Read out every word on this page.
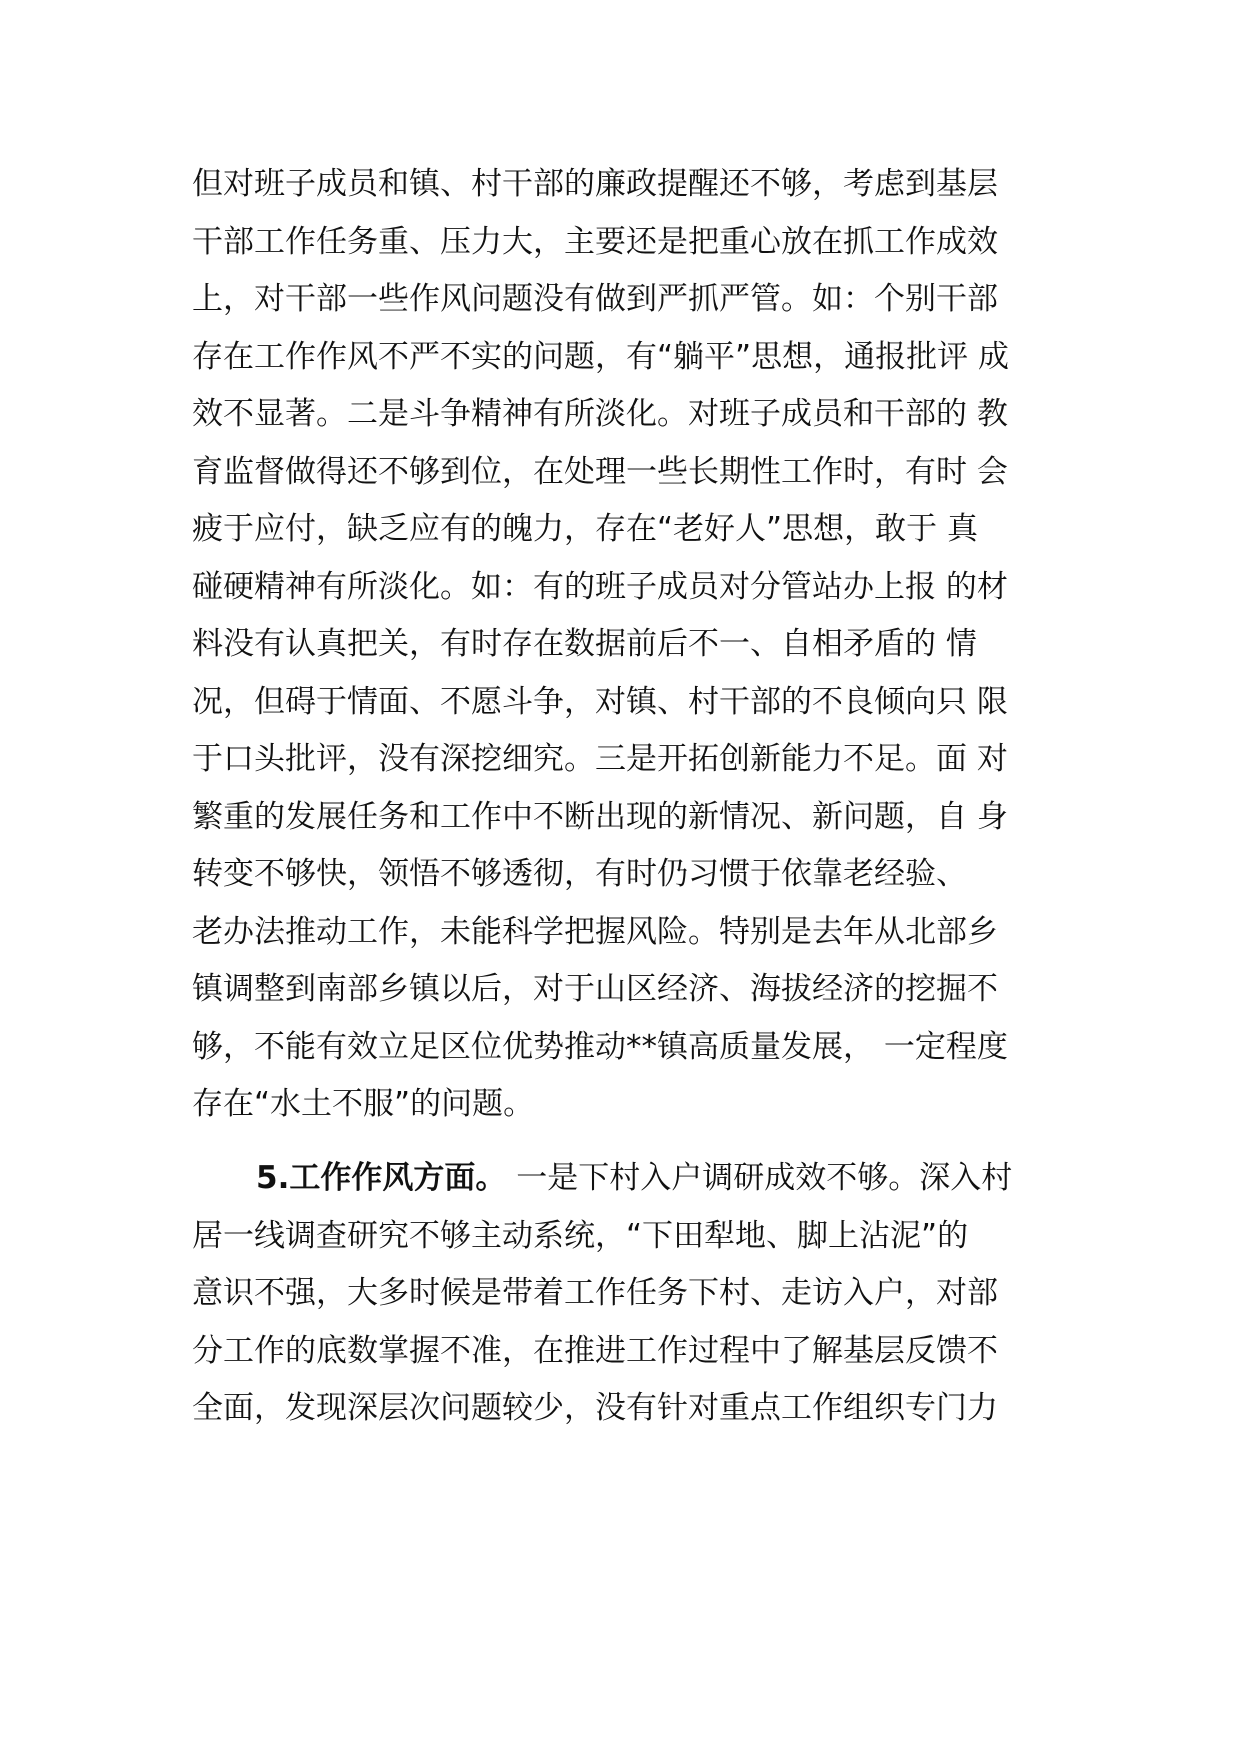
但对班子成员和镇、村干部的廉政提醒还不够，考虑到基层
干部工作任务重、压力大，主要还是把重心放在抓工作成效
上，对干部一些作风问题没有做到严抓严管。如：个别干部
存在工作作风不严不实的问题，有“躺平”思想，通报批评 成
效不显著。二是斗争精神有所淡化。对班子成员和干部的 教
育监督做得还不够到位，在处理一些长期性工作时，有时 会
疲于应付，缺乏应有的魄力，存在“老好人”思想，敢于 真
碰硬精神有所淡化。如：有的班子成员对分管站办上报 的材
料没有认真把关，有时存在数据前后不一、自相矛盾的 情
况，但碍于情面、不愿斗争，对镇、村干部的不良倾向只 限
于口头批评，没有深挖细究。三是开拓创新能力不足。面 对
繁重的发展任务和工作中不断出现的新情况、新问题，自 身
转变不够快，领悟不够透彻，有时仍习惯于依靠老经验、
老办法推动工作，未能科学把握风险。特别是去年从北部乡
镇调整到南部乡镇以后，对于山区经济、海拔经济的挖掘不
够，不能有效立足区位优势推动**镇高质量发展， 一定程度
存在“水土不服”的问题。
5.工作作风方面。 一是下村入户调研成效不够。深入村
居一线调查研究不够主动系统，“下田犁地、脚上沾泥”的
意识不强，大多时候是带着工作任务下村、走访入户，对部
分工作的底数掌握不准，在推进工作过程中了解基层反馈不
全面，发现深层次问题较少，没有针对重点工作组织专门力
